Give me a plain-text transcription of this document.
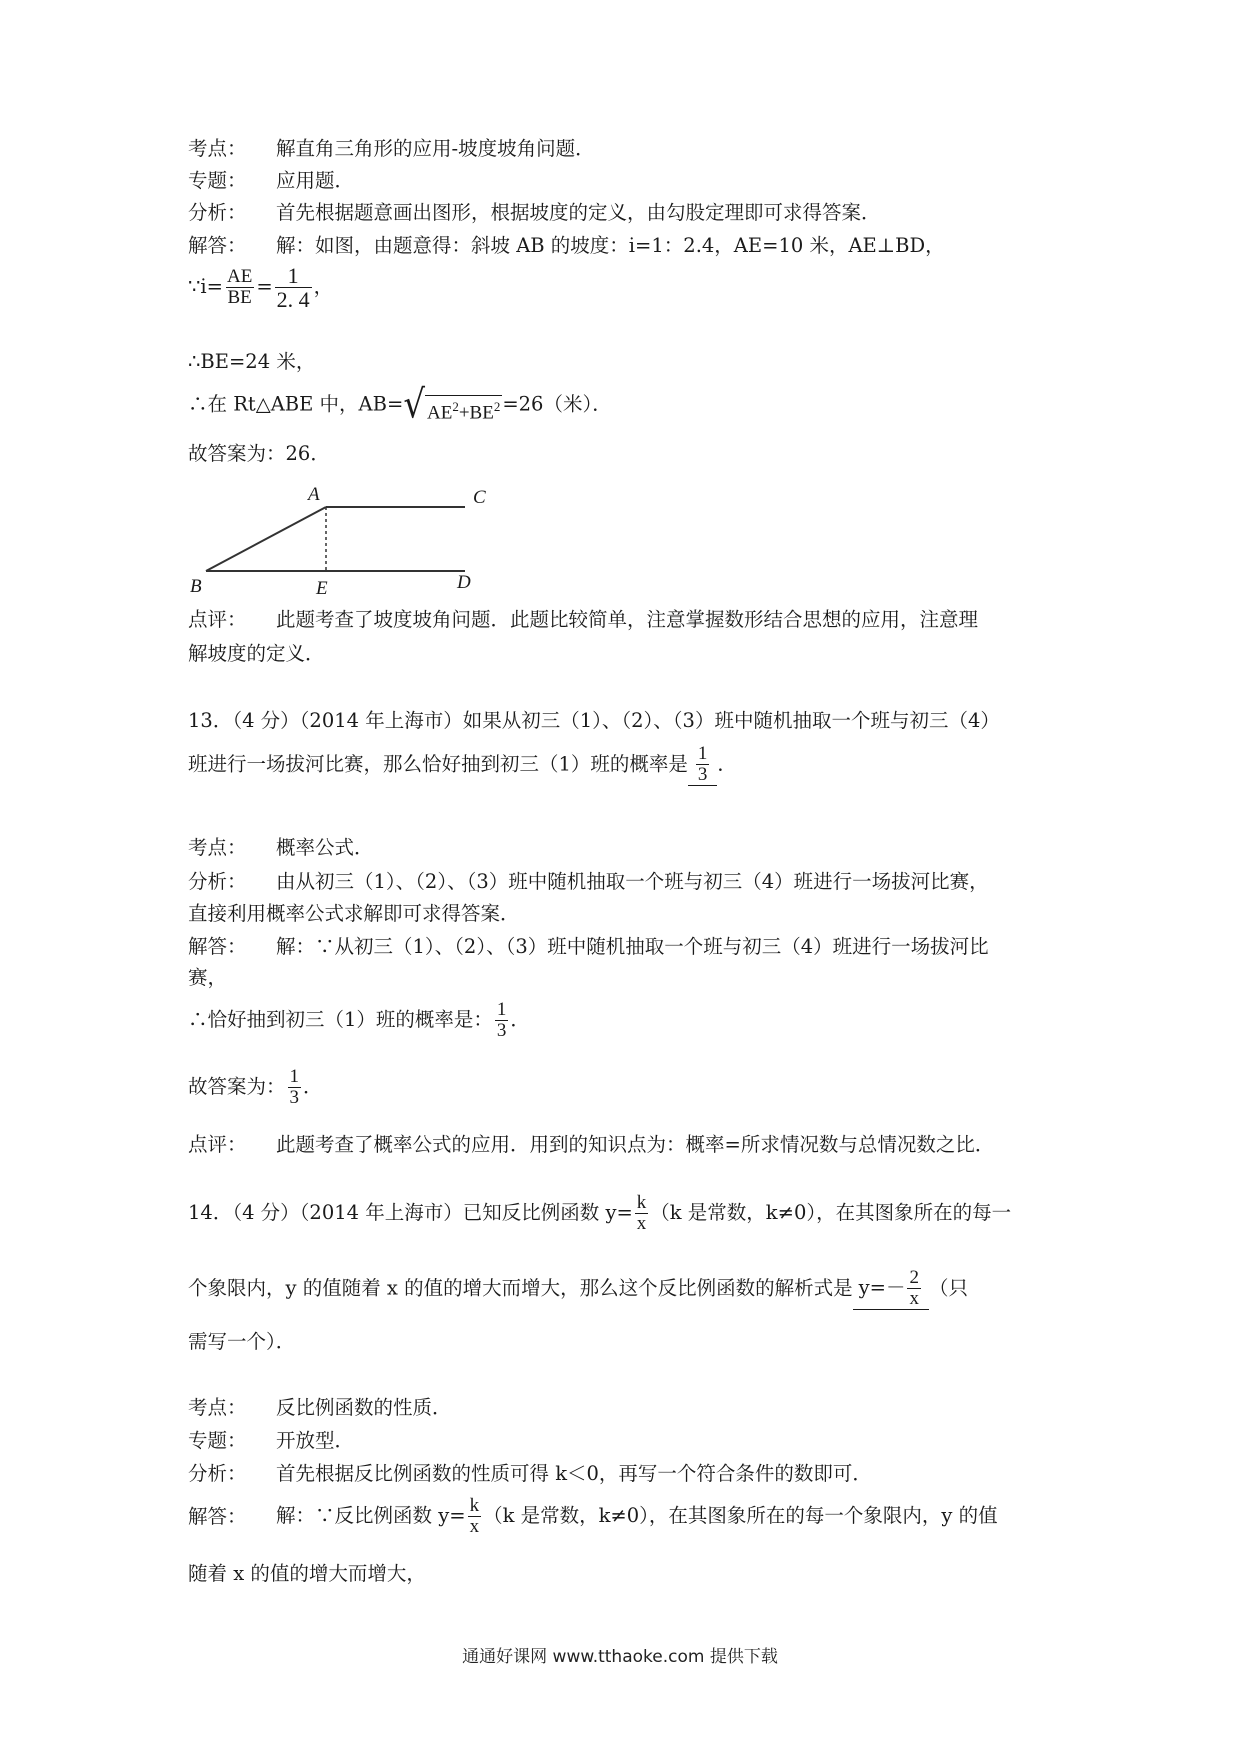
考点： 解直角三角形的应用-坡度坡角问题．
专题： 应用题．
分析： 首先根据题意画出图形，根据坡度的定义，由勾股定理即可求得答案．
解答： 解：如图，由题意得：斜坡 AB 的坡度：i=1：2.4，AE=10 米，AE⊥BD，
∵i= $\frac{AE}{BE} = \frac{1}{2. 4}$ ，
∴BE=24 米，
∴在 Rt△ABE 中，AB= √ $AE^2+BE^2 =26$（米）．
故答案为：26．
A	C
B	E	D
点评： 此题考查了坡度坡角问题．此题比较简单，注意掌握数形结合思想的应用，注意理
解坡度的定义．
13．（4 分）（2014 年上海市）如果从初三（1）、（2）、（3）班中随机抽取一个班与初三（4）
班进行一场拔河比赛，那么恰好抽到初三（1）班的概率是 $\frac{1}{3}$ ．
考点： 概率公式．
分析： 由从初三（1）、（2）、（3）班中随机抽取一个班与初三（4）班进行一场拔河比赛，
直接利用概率公式求解即可求得答案．
解答： 解：∵从初三（1）、（2）、（3）班中随机抽取一个班与初三（4）班进行一场拔河比
赛，
∴恰好抽到初三（1）班的概率是： $\frac{1}{3}$ ．
故答案为： $\frac{1}{3}$ ．
点评： 此题考查了概率公式的应用．用到的知识点为：概率=所求情况数与总情况数之比．
14．（4 分）（2014 年上海市）已知反比例函数 $y= \frac{k}{x} (k$ 是常数，k≠0），在其图象所在的每一
个象限内，y 的值随着 x 的值的增大而增大，那么这个反比例函数的解析式是 $y=- \frac{2}{x}$ （只
需写一个）．
考点： 反比例函数的性质．
专题： 开放型．
分析： 首先根据反比例函数的性质可得 k＜0，再写一个符合条件的数即可．
解答： 解：∵反比例函数 $y= \frac{k}{x} (k$ 是常数，k≠0），在其图象所在的每一个象限内，y 的值
随着 x 的值的增大而增大，
通通好课网 www.tthaoke.com 提供下载
